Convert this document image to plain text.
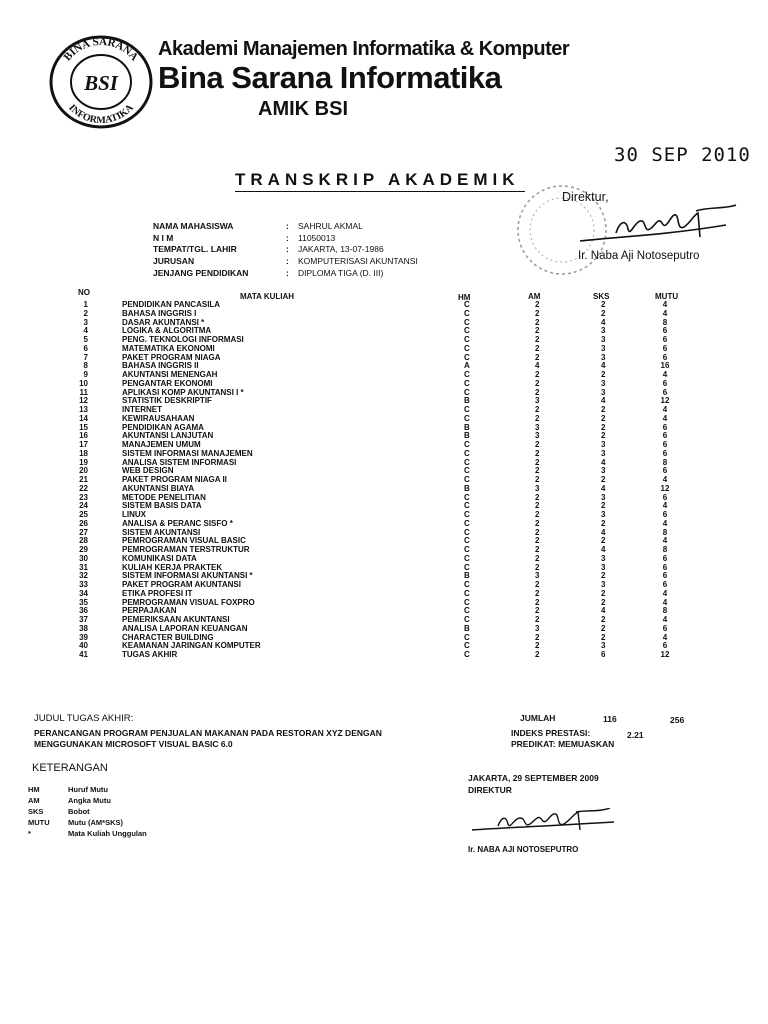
BINA SARANA
INFORMATIKA
BSI
Akademi Manajemen Informatika & Komputer
Bina Sarana Informatika
AMIK BSI
30 SEP 2010
TRANSKRIP AKADEMIK
NAMA MAHASISWA	:	SAHRUL AKMAL
N I M	:	11050013
TEMPAT/TGL. LAHIR	:	JAKARTA, 13-07-1986
JURUSAN	:	KOMPUTERISASI AKUNTANSI
JENJANG PENDIDIKAN	:	DIPLOMA TIGA (D. III)
Direktur,
Ir. Naba Aji Notoseputro
NO	MATA KULIAH	HM	AM	SKS	MUTU
1	PENDIDIKAN PANCASILA	C	2	2	4
2	BAHASA INGGRIS I	C	2	2	4
3	DASAR AKUNTANSI *	C	2	4	8
4	LOGIKA & ALGORITMA	C	2	3	6
5	PENG. TEKNOLOGI INFORMASI	C	2	3	6
6	MATEMATIKA EKONOMI	C	2	3	6
7	PAKET PROGRAM NIAGA	C	2	3	6
8	BAHASA INGGRIS II	A	4	4	16
9	AKUNTANSI MENENGAH	C	2	2	4
10	PENGANTAR EKONOMI	C	2	3	6
11	APLIKASI KOMP AKUNTANSI I *	C	2	3	6
12	STATISTIK DESKRIPTIF	B	3	4	12
13	INTERNET	C	2	2	4
14	KEWIRAUSAHAAN	C	2	2	4
15	PENDIDIKAN AGAMA	B	3	2	6
16	AKUNTANSI LANJUTAN	B	3	2	6
17	MANAJEMEN UMUM	C	2	3	6
18	SISTEM INFORMASI MANAJEMEN	C	2	3	6
19	ANALISA SISTEM INFORMASI	C	2	4	8
20	WEB DESIGN	C	2	3	6
21	PAKET PROGRAM NIAGA II	C	2	2	4
22	AKUNTANSI BIAYA	B	3	4	12
23	METODE PENELITIAN	C	2	3	6
24	SISTEM BASIS DATA	C	2	2	4
25	LINUX	C	2	3	6
26	ANALISA & PERANC SISFO *	C	2	2	4
27	SISTEM AKUNTANSI	C	2	4	8
28	PEMROGRAMAN VISUAL BASIC	C	2	2	4
29	PEMROGRAMAN TERSTRUKTUR	C	2	4	8
30	KOMUNIKASI DATA	C	2	3	6
31	KULIAH KERJA PRAKTEK	C	2	3	6
32	SISTEM INFORMASI AKUNTANSI *	B	3	2	6
33	PAKET PROGRAM AKUNTANSI	C	2	3	6
34	ETIKA PROFESI IT	C	2	2	4
35	PEMROGRAMAN VISUAL FOXPRO	C	2	2	4
36	PERPAJAKAN	C	2	4	8
37	PEMERIKSAAN AKUNTANSI	C	2	2	4
38	ANALISA LAPORAN KEUANGAN	B	3	2	6
39	CHARACTER BUILDING	C	2	2	4
40	KEAMANAN JARINGAN KOMPUTER	C	2	3	6
41	TUGAS AKHIR	C	2	6	12
JUDUL TUGAS AKHIR:
PERANCANGAN PROGRAM PENJUALAN MAKANAN PADA RESTORAN XYZ DENGAN
MENGGUNAKAN MICROSOFT VISUAL BASIC 6.0
JUMLAH	116	256
INDEKS PRESTASI:	2.21
PREDIKAT: MEMUASKAN
KETERANGAN
HM	Huruf Mutu
AM	Angka Mutu
SKS	Bobot
MUTU	Mutu (AM*SKS)
*	Mata Kuliah Unggulan
JAKARTA, 29 SEPTEMBER 2009
DIREKTUR
Ir. NABA AJI NOTOSEPUTRO
